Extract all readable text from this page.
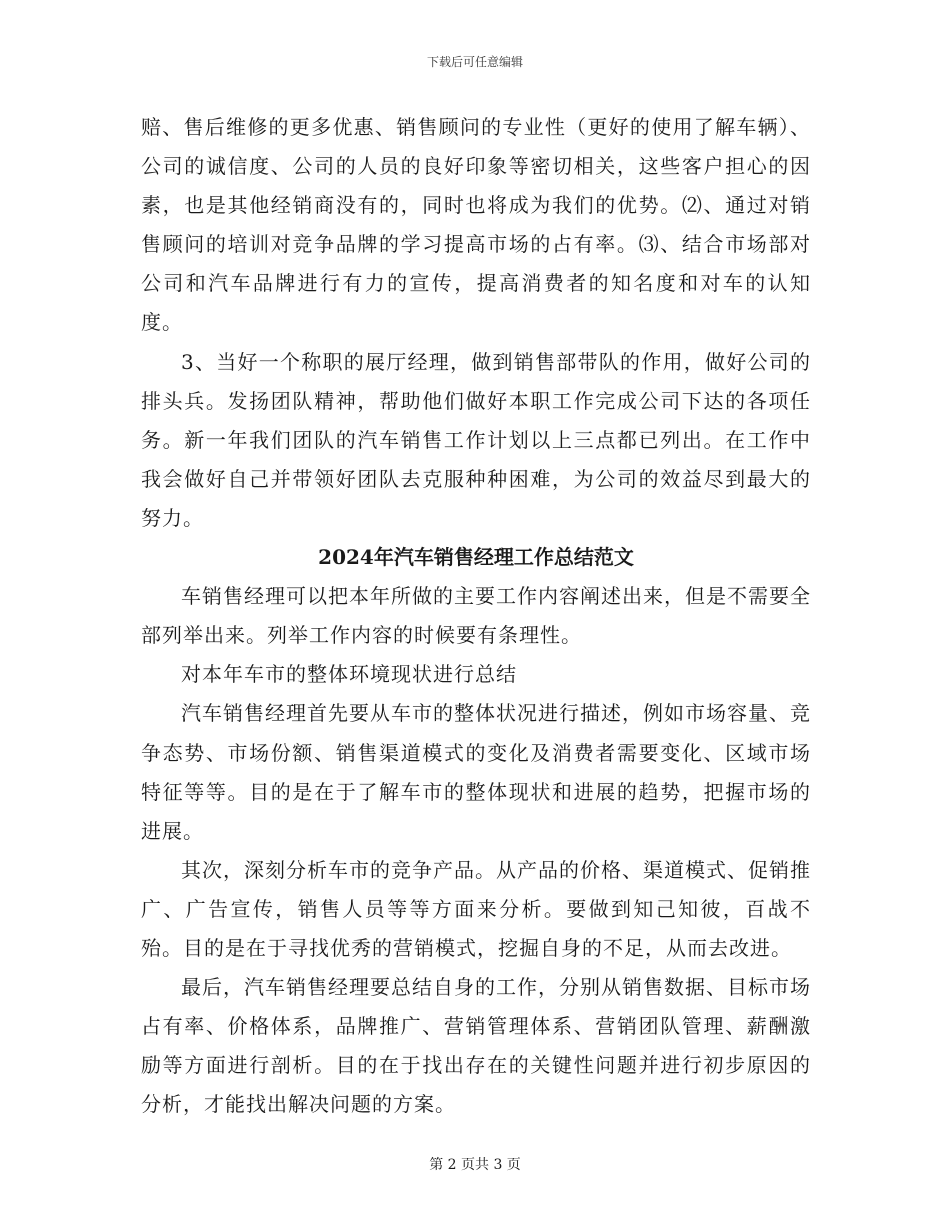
下载后可任意编辑

赔、售后维修的更多优惠、销售顾问的专业性（更好的使用了解车辆）、公司的诚信度、公司的人员的良好印象等密切相关，这些客户担心的因素，也是其他经销商没有的，同时也将成为我们的优势。⑵、通过对销售顾问的培训对竞争品牌的学习提高市场的占有率。⑶、结合市场部对公司和汽车品牌进行有力的宣传，提高消费者的知名度和对车的认知度。

3、当好一个称职的展厅经理，做到销售部带队的作用，做好公司的排头兵。发扬团队精神，帮助他们做好本职工作完成公司下达的各项任务。新一年我们团队的汽车销售工作计划以上三点都已列出。在工作中我会做好自己并带领好团队去克服种种困难，为公司的效益尽到最大的努力。

2024年汽车销售经理工作总结范文

车销售经理可以把本年所做的主要工作内容阐述出来，但是不需要全部列举出来。列举工作内容的时候要有条理性。

对本年车市的整体环境现状进行总结

汽车销售经理首先要从车市的整体状况进行描述，例如市场容量、竞争态势、市场份额、销售渠道模式的变化及消费者需要变化、区域市场特征等等。目的是在于了解车市的整体现状和进展的趋势，把握市场的进展。

其次，深刻分析车市的竞争产品。从产品的价格、渠道模式、促销推广、广告宣传，销售人员等等方面来分析。要做到知己知彼，百战不殆。目的是在于寻找优秀的营销模式，挖掘自身的不足，从而去改进。

最后，汽车销售经理要总结自身的工作，分别从销售数据、目标市场占有率、价格体系，品牌推广、营销管理体系、营销团队管理、薪酬激励等方面进行剖析。目的在于找出存在的关键性问题并进行初步原因的分析，才能找出解决问题的方案。

第 2 页共 3 页
